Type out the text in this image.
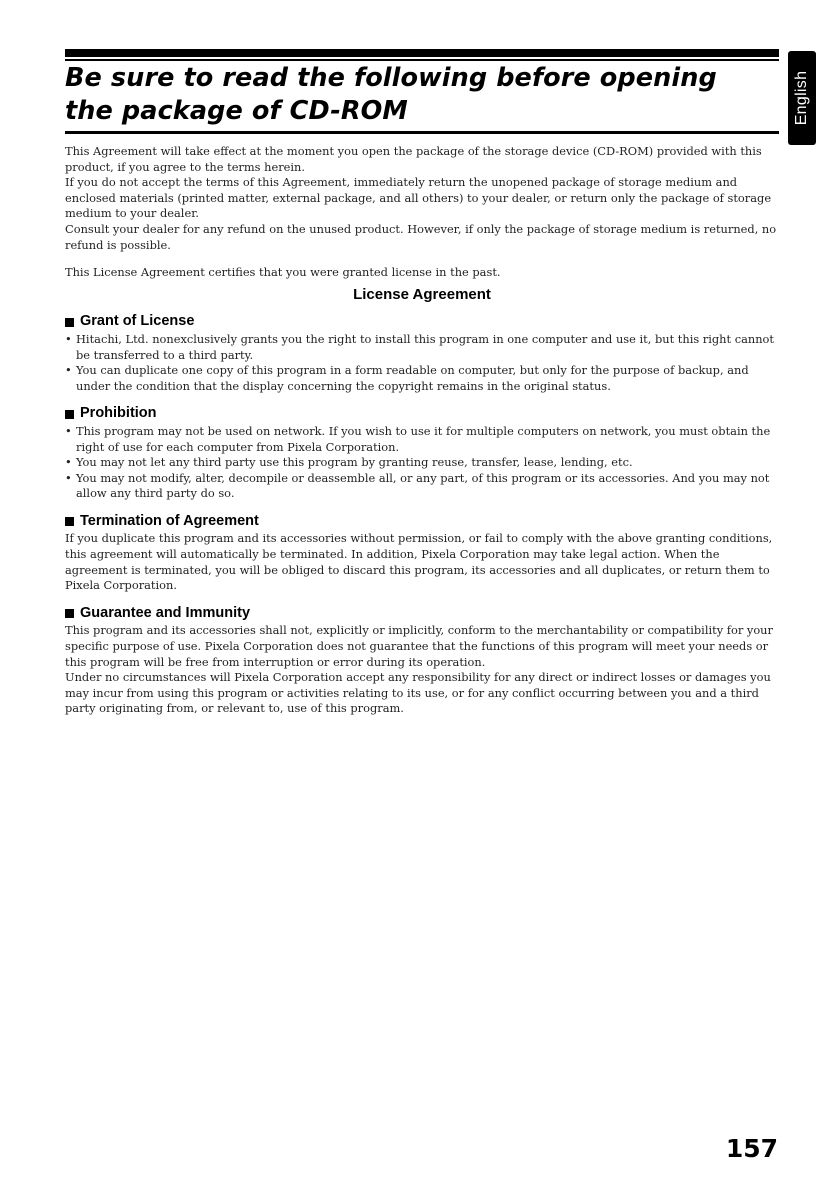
Be sure to read the following before opening
the package of CD-ROM	English

This Agreement will take effect at the moment you open the package of the storage device (CD-ROM) provided with this product, if you agree to the terms herein.

If you do not accept the terms of this Agreement, immediately return the unopened package of storage medium and enclosed materials (printed matter, external package, and all others) to your dealer, or return only the package of storage medium to your dealer.

Consult your dealer for any refund on the unused product. However, if only the package of storage medium is returned, no refund is possible.

This License Agreement certifies that you were granted license in the past.

License Agreement
Grant of License
• Hitachi, Ltd. nonexclusively grants you the right to install this program in one computer and use it, but this right cannot be transferred to a third party.
• You can duplicate one copy of this program in a form readable on computer, but only for the purpose of backup, and under the condition that the display concerning the copyright remains in the original status.
Prohibition
• This program may not be used on network. If you wish to use it for multiple computers on network, you must obtain the right of use for each computer from Pixela Corporation.
• You may not let any third party use this program by granting reuse, transfer, lease, lending, etc.
• You may not modify, alter, decompile or deassemble all, or any part, of this program or its accessories. And you may not allow any third party do so.
Termination of Agreement

If you duplicate this program and its accessories without permission, or fail to comply with the above granting conditions, this agreement will automatically be terminated. In addition, Pixela Corporation may take legal action. When the agreement is terminated, you will be obliged to discard this program, its accessories and all duplicates, or return them to Pixela Corporation.

Guarantee and Immunity

This program and its accessories shall not, explicitly or implicitly, conform to the merchantability or compatibility for your specific purpose of use. Pixela Corporation does not guarantee that the functions of this program will meet your needs or this program will be free from interruption or error during its operation.

Under no circumstances will Pixela Corporation accept any responsibility for any direct or indirect losses or damages you may incur from using this program or activities relating to its use, or for any conflict occurring between you and a third party originating from, or relevant to, use of this program.

157
